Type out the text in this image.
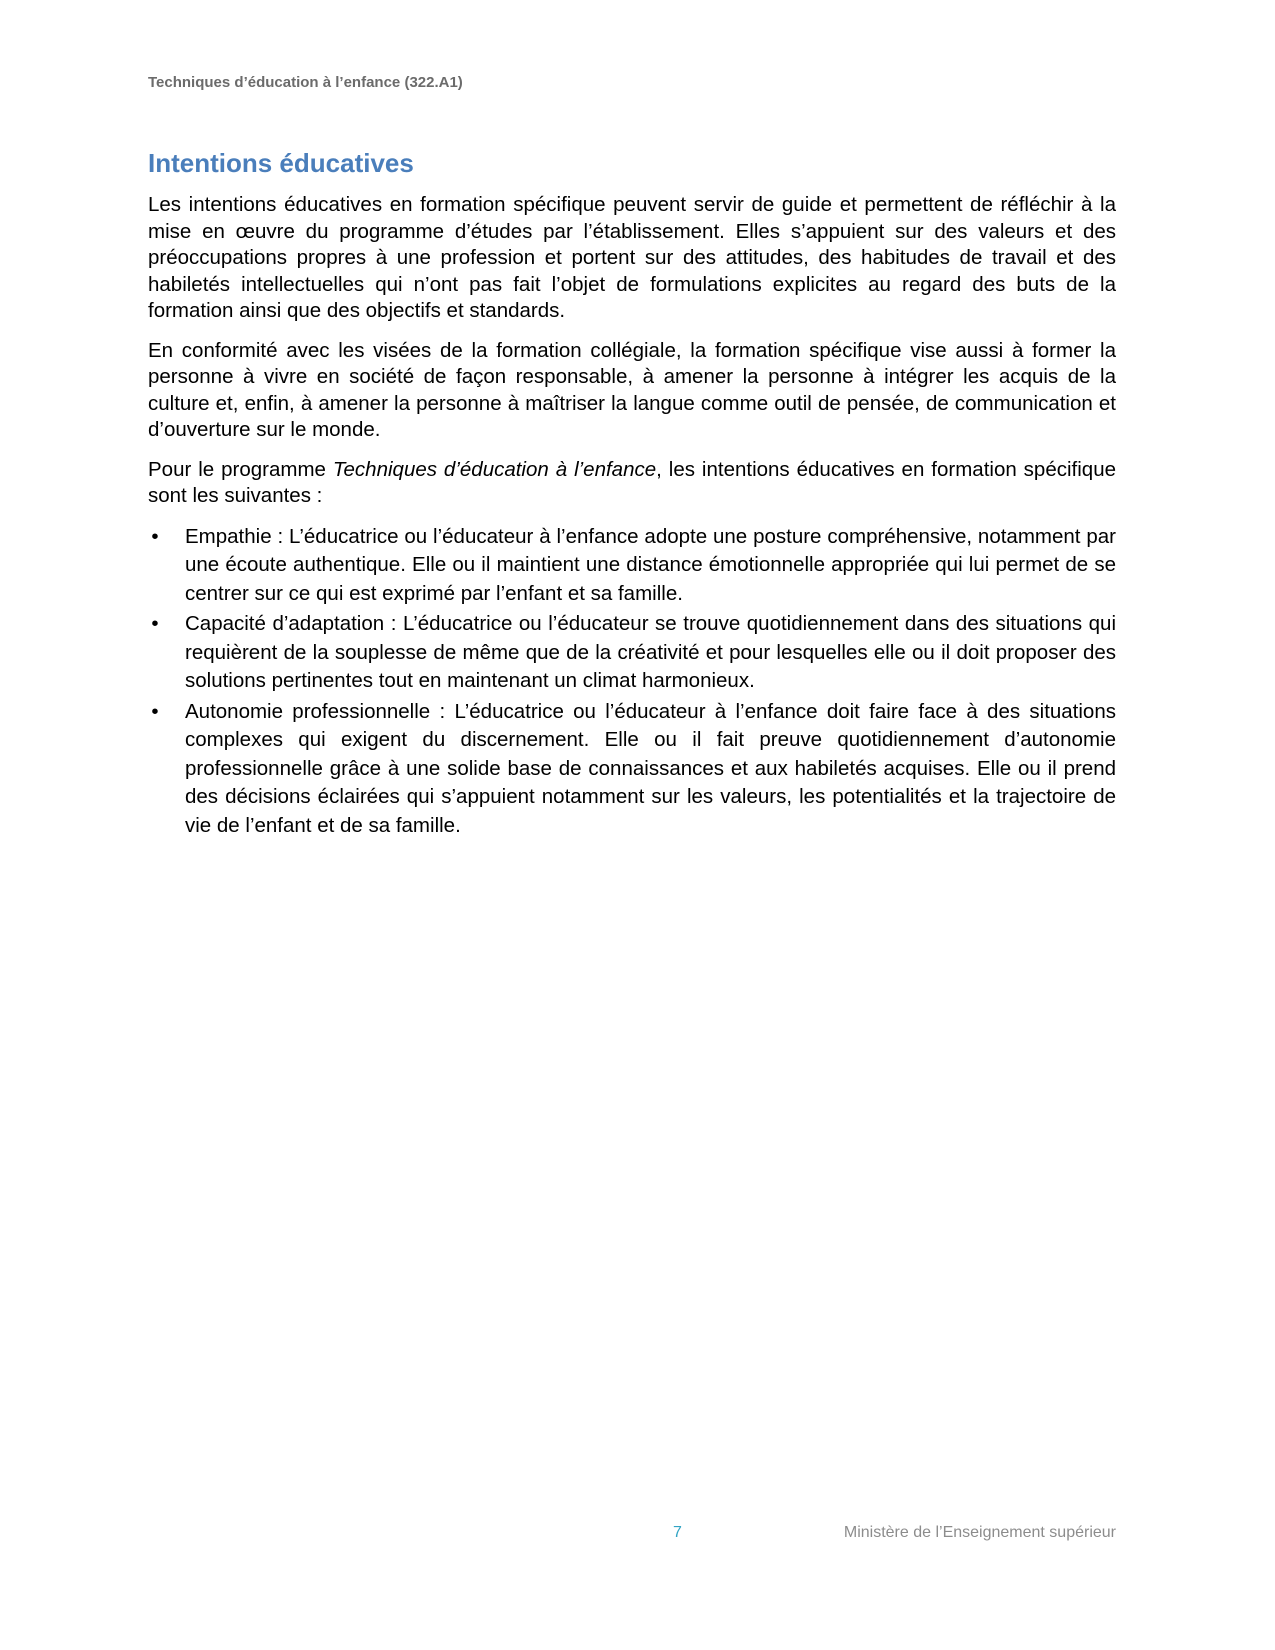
Techniques d’éducation à l’enfance (322.A1)
Intentions éducatives

Les intentions éducatives en formation spécifique peuvent servir de guide et permettent de réfléchir à la mise en œuvre du programme d’études par l’établissement. Elles s’appuient sur des valeurs et des préoccupations propres à une profession et portent sur des attitudes, des habitudes de travail et des habiletés intellectuelles qui n’ont pas fait l’objet de formulations explicites au regard des buts de la formation ainsi que des objectifs et standards.

En conformité avec les visées de la formation collégiale, la formation spécifique vise aussi à former la personne à vivre en société de façon responsable, à amener la personne à intégrer les acquis de la culture et, enfin, à amener la personne à maîtriser la langue comme outil de pensée, de communication et d’ouverture sur le monde.

Pour le programme Techniques d’éducation à l’enfance, les intentions éducatives en formation spécifique sont les suivantes :

• Empathie : L’éducatrice ou l’éducateur à l’enfance adopte une posture compréhensive, notamment par une écoute authentique. Elle ou il maintient une distance émotionnelle appropriée qui lui permet de se centrer sur ce qui est exprimé par l’enfant et sa famille.
• Capacité d’adaptation : L’éducatrice ou l’éducateur se trouve quotidiennement dans des situations qui requièrent de la souplesse de même que de la créativité et pour lesquelles elle ou il doit proposer des solutions pertinentes tout en maintenant un climat harmonieux.
• Autonomie professionnelle : L’éducatrice ou l’éducateur à l’enfance doit faire face à des situations complexes qui exigent du discernement. Elle ou il fait preuve quotidiennement d’autonomie professionnelle grâce à une solide base de connaissances et aux habiletés acquises. Elle ou il prend des décisions éclairées qui s’appuient notamment sur les valeurs, les potentialités et la trajectoire de vie de l’enfant et de sa famille.
7	Ministère de l’Enseignement supérieur
